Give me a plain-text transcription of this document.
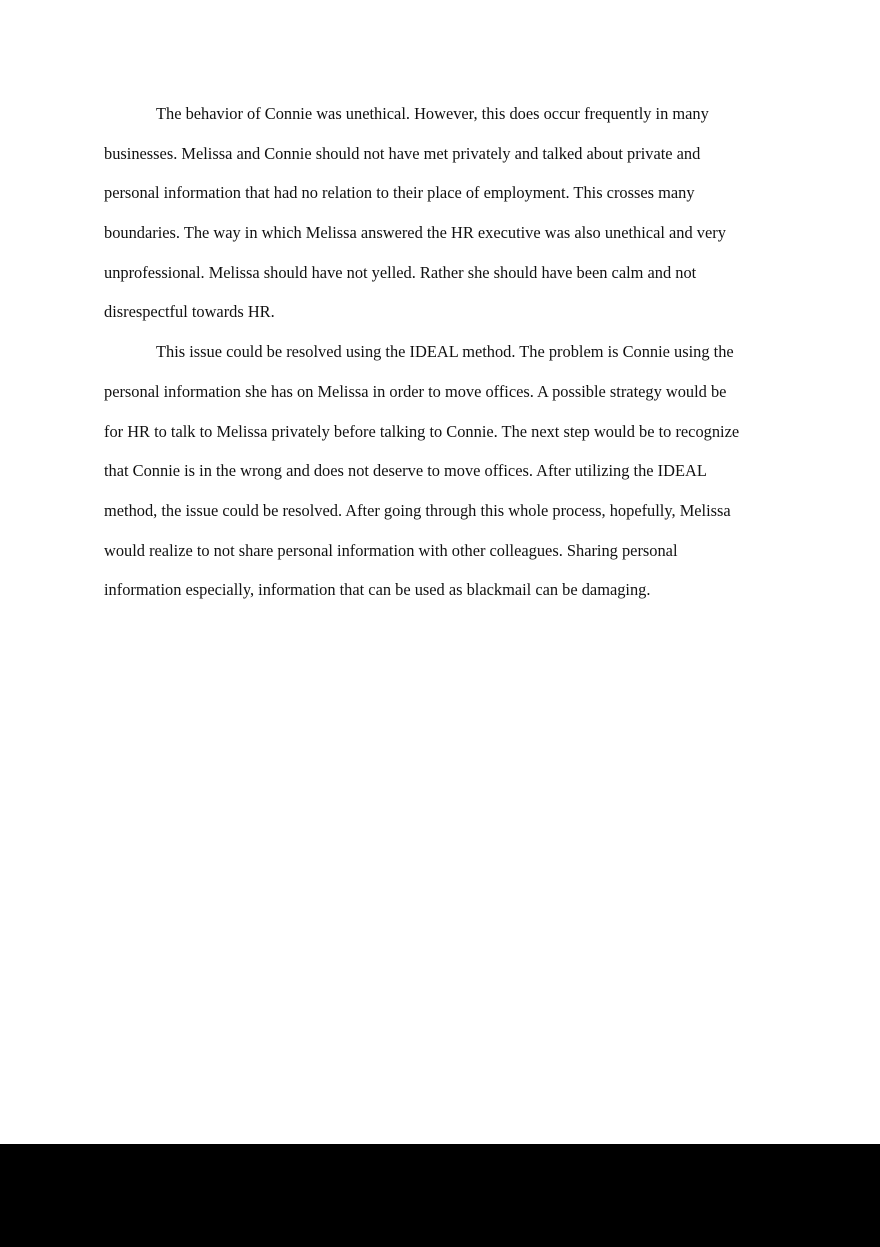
The behavior of Connie was unethical. However, this does occur frequently in many
businesses. Melissa and Connie should not have met privately and talked about private and
personal information that had no relation to their place of employment. This crosses many
boundaries. The way in which Melissa answered the HR executive was also unethical and very
unprofessional. Melissa should have not yelled. Rather she should have been calm and not
disrespectful towards HR.
This issue could be resolved using the IDEAL method. The problem is Connie using the
personal information she has on Melissa in order to move offices. A possible strategy would be
for HR to talk to Melissa privately before talking to Connie. The next step would be to recognize
that Connie is in the wrong and does not deserve to move offices. After utilizing the IDEAL
method, the issue could be resolved. After going through this whole process, hopefully, Melissa
would realize to not share personal information with other colleagues. Sharing personal
information especially, information that can be used as blackmail can be damaging.
